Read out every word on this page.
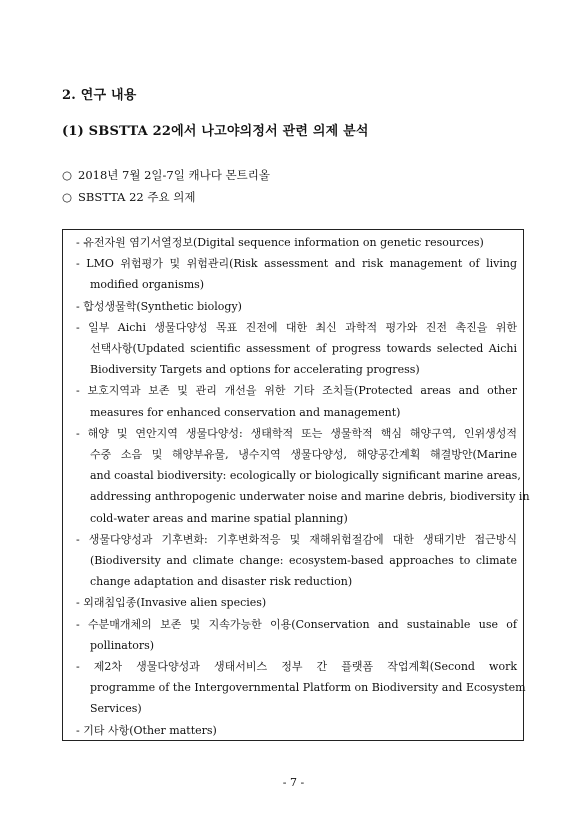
2. 연구 내용
(1) SBSTTA 22에서 나고야의정서 관련 의제 분석
○ 2018년 7월 2일-7일 캐나다 몬트리올
○ SBSTTA 22 주요 의제
- 유전자원 염기서열정보(Digital sequence information on genetic resources)
- LMO 위험평가 및 위험관리(Risk assessment and risk management of living
modified organisms)
- 합성생물학(Synthetic biology)
- 일부 Aichi 생물다양성 목표 진전에 대한 최신 과학적 평가와 진전 촉진을 위한
선택사항(Updated scientific assessment of progress towards selected Aichi
Biodiversity Targets and options for accelerating progress)
- 보호지역과 보존 및 관리 개선을 위한 기타 조치들(Protected areas and other
measures for enhanced conservation and management)
- 해양 및 연안지역 생물다양성: 생태학적 또는 생물학적 핵심 해양구역, 인위생성적
수중 소음 및 해양부유물, 냉수지역 생물다양성, 해양공간계획 해결방안(Marine
and coastal biodiversity: ecologically or biologically significant marine areas,
addressing anthropogenic underwater noise and marine debris, biodiversity in
cold-water areas and marine spatial planning)
- 생물다양성과 기후변화: 기후변화적응 및 재해위험절감에 대한 생태기반 접근방식
(Biodiversity and climate change: ecosystem-based approaches to climate
change adaptation and disaster risk reduction)
- 외래침입종(Invasive alien species)
- 수분매개체의 보존 및 지속가능한 이용(Conservation and sustainable use of
pollinators)
- 제2차 생물다양성과 생태서비스 정부 간 플랫폼 작업계획(Second work
programme of the Intergovernmental Platform on Biodiversity and Ecosystem
Services)
- 기타 사항(Other matters)
- 7 -
